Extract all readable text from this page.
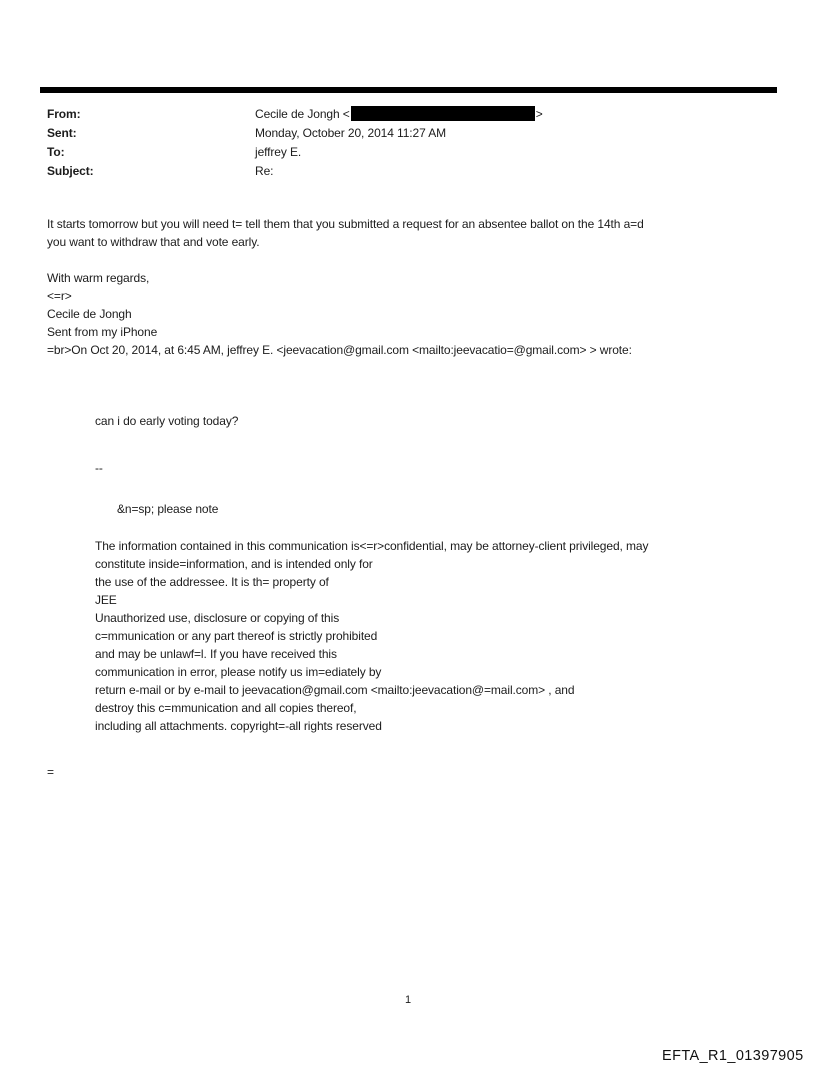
From:	Cecile de Jongh <	>
Sent:	Monday, October 20, 2014 11:27 AM
To:	jeffrey E.
Subject:	Re:
It starts tomorrow but you will need t= tell them that you submitted a request for an absentee ballot on the 14th a=d
you want to withdraw that and vote early.
With warm regards,
<=r>
Cecile de Jongh
Sent from my iPhone
=br>On Oct 20, 2014, at 6:45 AM, jeffrey E. <jeevacation@gmail.com <mailto:jeevacatio=@gmail.com> > wrote:
can i do early voting today?
--
&n=sp; please note
The information contained in this communication is<=r>confidential, may be attorney-client privileged, may
constitute inside=information, and is intended only for
the use of the addressee. It is th= property of
JEE
Unauthorized use, disclosure or copying of this
c=mmunication or any part thereof is strictly prohibited
and may be unlawf=l. If you have received this
communication in error, please notify us im=ediately by
return e-mail or by e-mail to jeevacation@gmail.com <mailto:jeevacation@=mail.com> , and
destroy this c=mmunication and all copies thereof,
including all attachments. copyright=-all rights reserved
=
1
EFTA_R1_01397905
